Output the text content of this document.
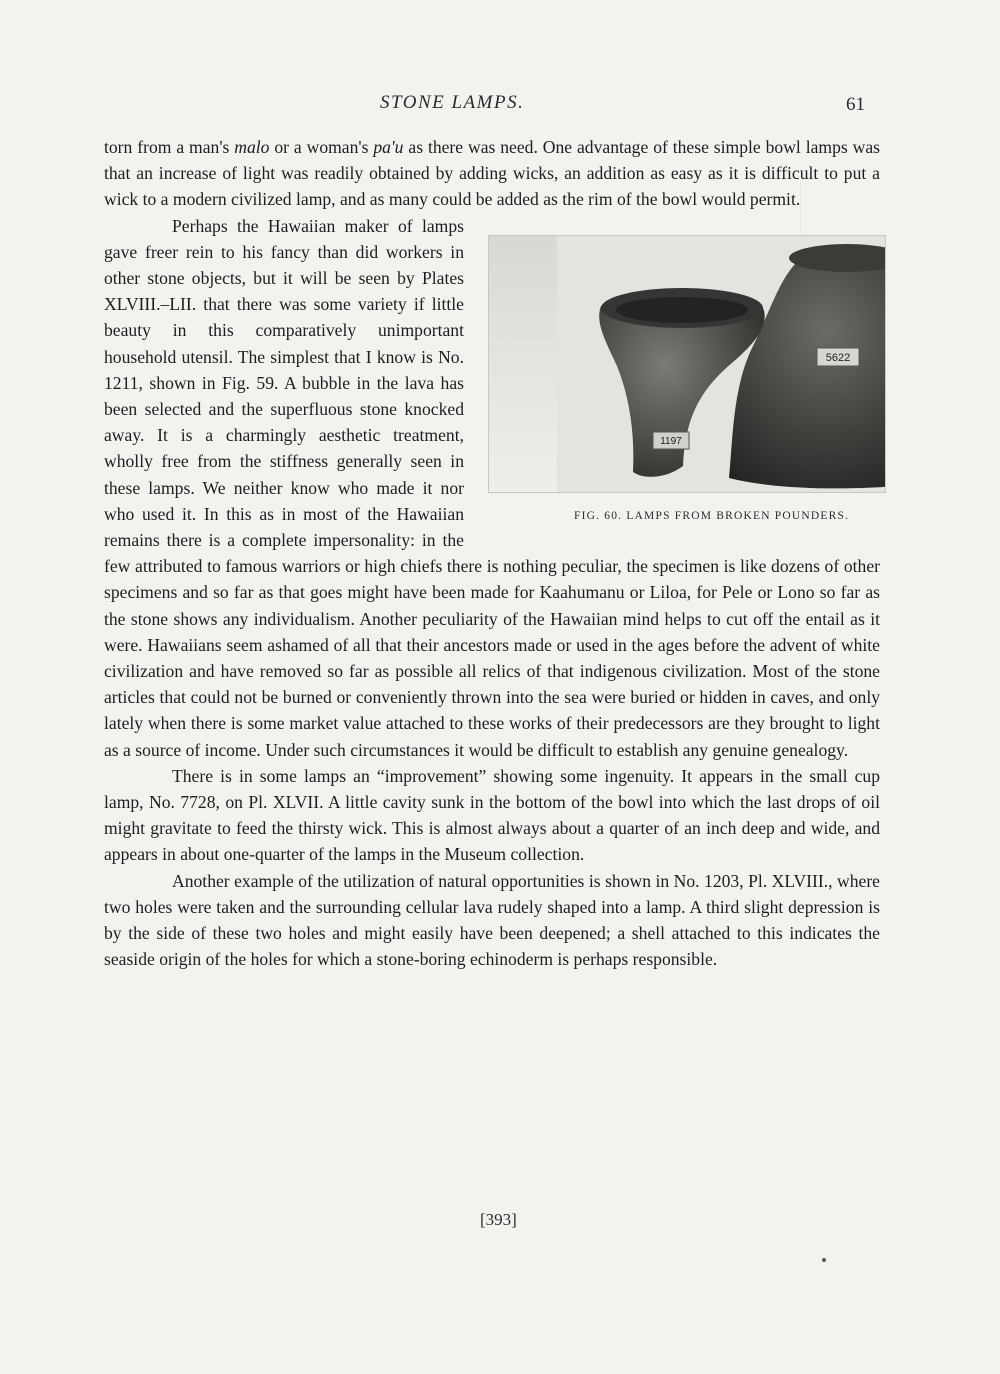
STONE LAMPS.	61

torn from a man's malo or a woman's pa'u as there was need. One advantage of these simple bowl lamps was that an increase of light was readily obtained by adding wicks, an addition as easy as it is difficult to put a wick to a modern civilized lamp, and as many could be added as the rim of the bowl would permit.

5622
1197
FIG. 60. LAMPS FROM BROKEN POUNDERS.
Perhaps the Hawaiian maker of lamps gave freer rein to his fancy than did workers in other stone objects, but it will be seen by Plates XLVIII.–LII. that there was some variety if little beauty in this comparatively unimportant household utensil. The simplest that I know is No. 1211, shown in Fig. 59. A bubble in the lava has been selected and the superfluous stone knocked away. It is a charmingly aesthetic treatment, wholly free from the stiffness generally seen in these lamps. We neither know who made it nor who used it. In this as in most of the Hawaiian remains there is a complete impersonality: in the few attributed to famous warriors or high chiefs there is nothing peculiar, the specimen is like dozens of other specimens and so far as that goes might have been made for Kaahumanu or Liloa, for Pele or Lono so far as the stone shows any individualism. Another peculiarity of the Hawaiian mind helps to cut off the entail as it were. Hawaiians seem ashamed of all that their ancestors made or used in the ages before the advent of white civilization and have removed so far as possible all relics of that indigenous civilization. Most of the stone articles that could not be burned or conveniently thrown into the sea were buried or hidden in caves, and only lately when there is some market value attached to these works of their predecessors are they brought to light as a source of income. Under such circumstances it would be difficult to establish any genuine genealogy.

There is in some lamps an “improvement” showing some ingenuity. It appears in the small cup lamp, No. 7728, on Pl. XLVII. A little cavity sunk in the bottom of the bowl into which the last drops of oil might gravitate to feed the thirsty wick. This is almost always about a quarter of an inch deep and wide, and appears in about one-quarter of the lamps in the Museum collection.

Another example of the utilization of natural opportunities is shown in No. 1203, Pl. XLVIII., where two holes were taken and the surrounding cellular lava rudely shaped into a lamp. A third slight depression is by the side of these two holes and might easily have been deepened; a shell attached to this indicates the seaside origin of the holes for which a stone-boring echinoderm is perhaps responsible.

[393]
